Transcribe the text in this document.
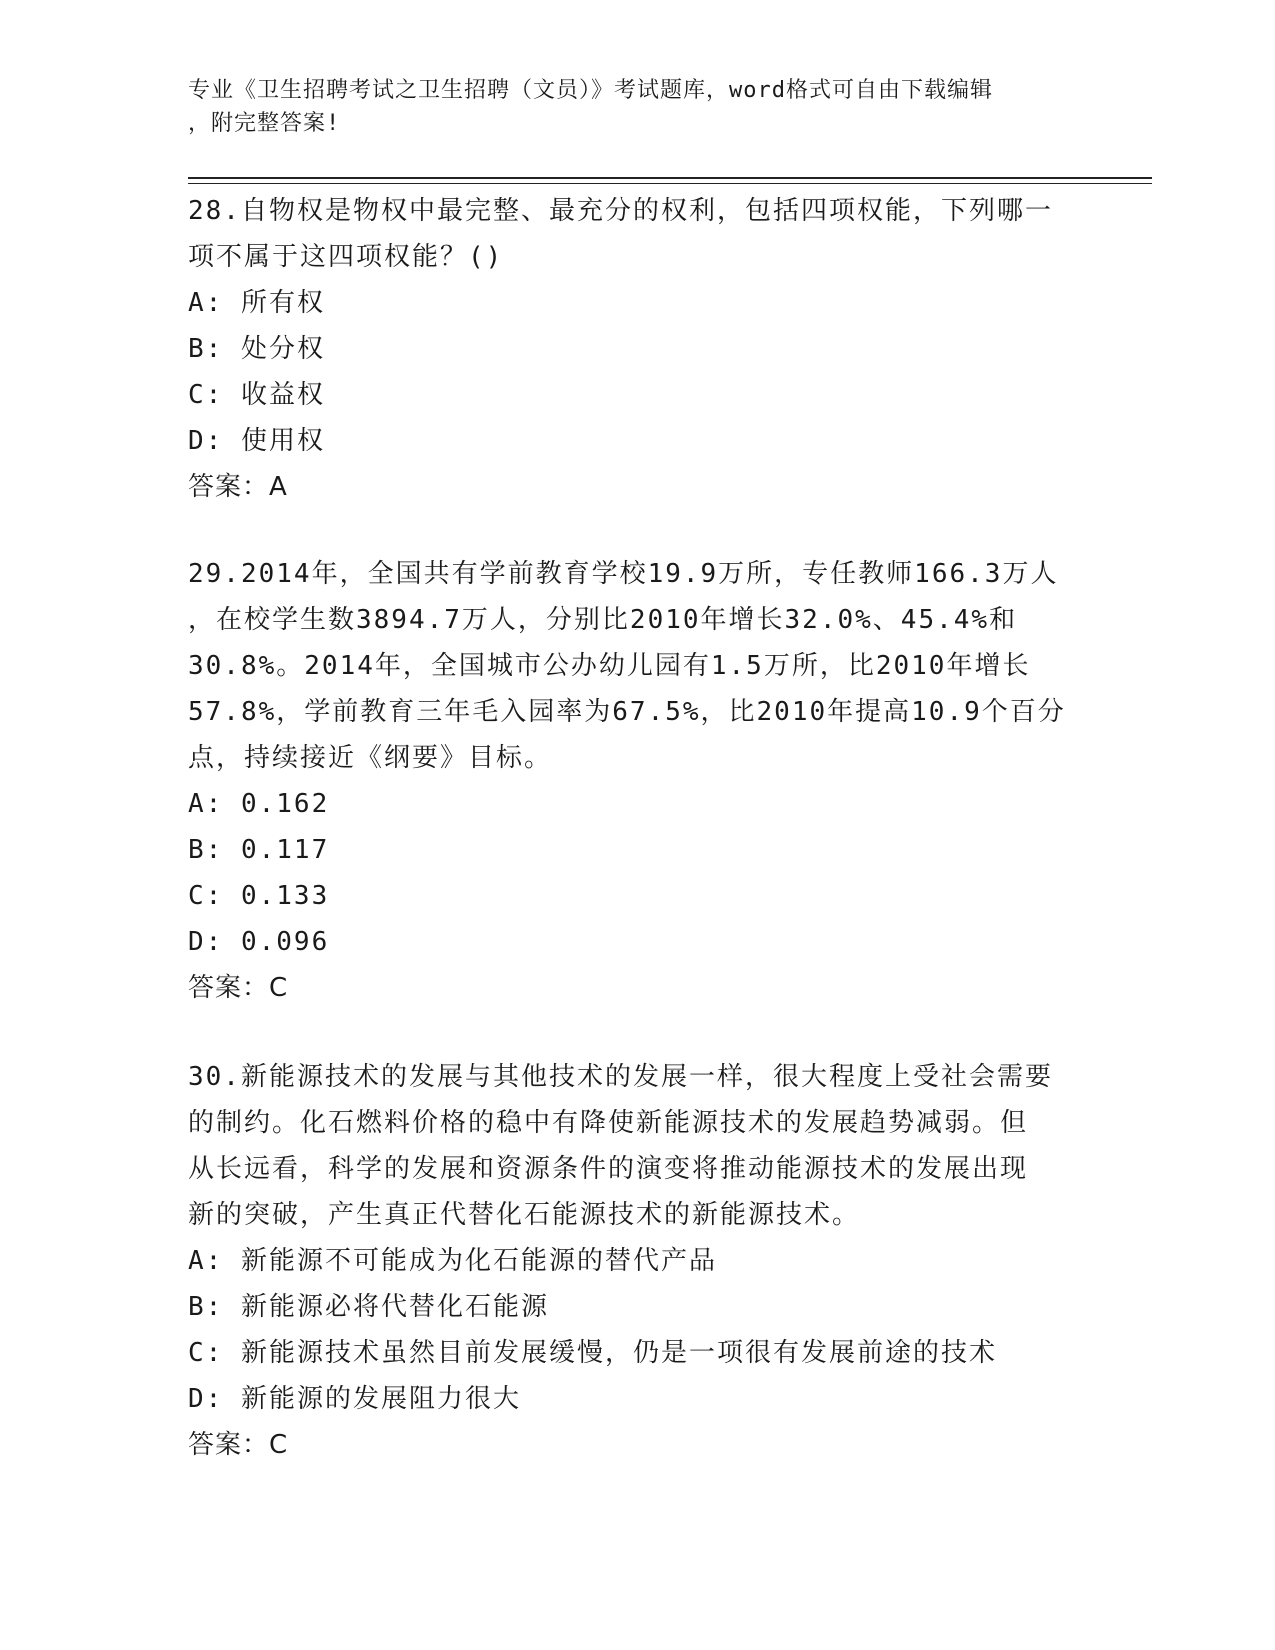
专业《卫生招聘考试之卫生招聘（文员）》考试题库，word格式可自由下载编辑
，附完整答案!

28.自物权是物权中最完整、最充分的权利，包括四项权能，下列哪一

项不属于这四项权能？()

A: 所有权

B: 处分权

C: 收益权

D: 使用权

答案：A

29.2014年，全国共有学前教育学校19.9万所，专任教师166.3万人

，在校学生数3894.7万人，分别比2010年增长32.0%、45.4%和

30.8%。2014年，全国城市公办幼儿园有1.5万所，比2010年增长

57.8%，学前教育三年毛入园率为67.5%，比2010年提高10.9个百分

点，持续接近《纲要》目标。

A: 0.162

B: 0.117

C: 0.133

D: 0.096

答案：C

30.新能源技术的发展与其他技术的发展一样，很大程度上受社会需要

的制约。化石燃料价格的稳中有降使新能源技术的发展趋势减弱。但

从长远看，科学的发展和资源条件的演变将推动能源技术的发展出现

新的突破，产生真正代替化石能源技术的新能源技术。

A: 新能源不可能成为化石能源的替代产品

B: 新能源必将代替化石能源

C: 新能源技术虽然目前发展缓慢，仍是一项很有发展前途的技术

D: 新能源的发展阻力很大

答案：C
